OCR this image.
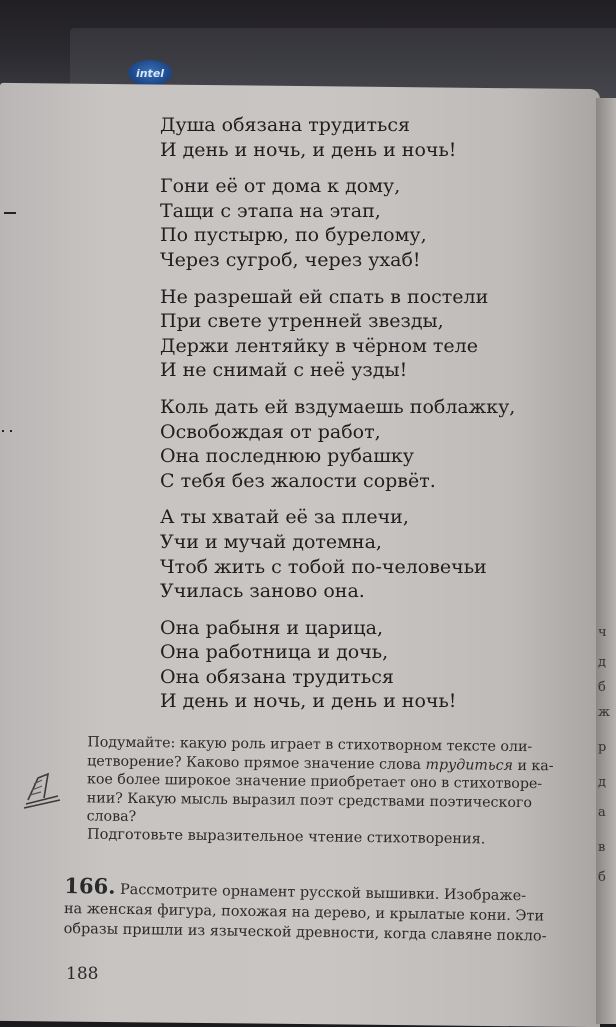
intel
ч
д
б
ж
р
д
а
в
б
Душа обязана трудиться
И день и ночь, и день и ночь!
Гони её от дома к дому,
Тащи с этапа на этап,
По пустырю, по бурелому,
Через сугроб, через ухаб!
Не разрешай ей спать в постели
При свете утренней звезды,
Держи лентяйку в чёрном теле
И не снимай с неё узды!
Коль дать ей вздумаешь поблажку,
Освобождая от работ,
Она последнюю рубашку
С тебя без жалости сорвёт.
А ты хватай её за плечи,
Учи и мучай дотемна,
Чтоб жить с тобой по-человечьи
Училась заново она.
Она рабыня и царица,
Она работница и дочь,
Она обязана трудиться
И день и ночь, и день и ночь!

Подумайте: какую роль играет в стихотворном тексте оли-

цетворение? Каково прямое значение слова трудиться и ка-

кое более широкое значение приобретает оно в стихотворе-

нии? Какую мысль выразил поэт средствами поэтического

слова?

Подготовьте выразительное чтение стихотворения.
166. Рассмотрите орнамент русской вышивки. Изображе-
на женская фигура, похожая на дерево, и крылатые кони. Эти
образы пришли из языческой древности, когда славяне покло-
188
